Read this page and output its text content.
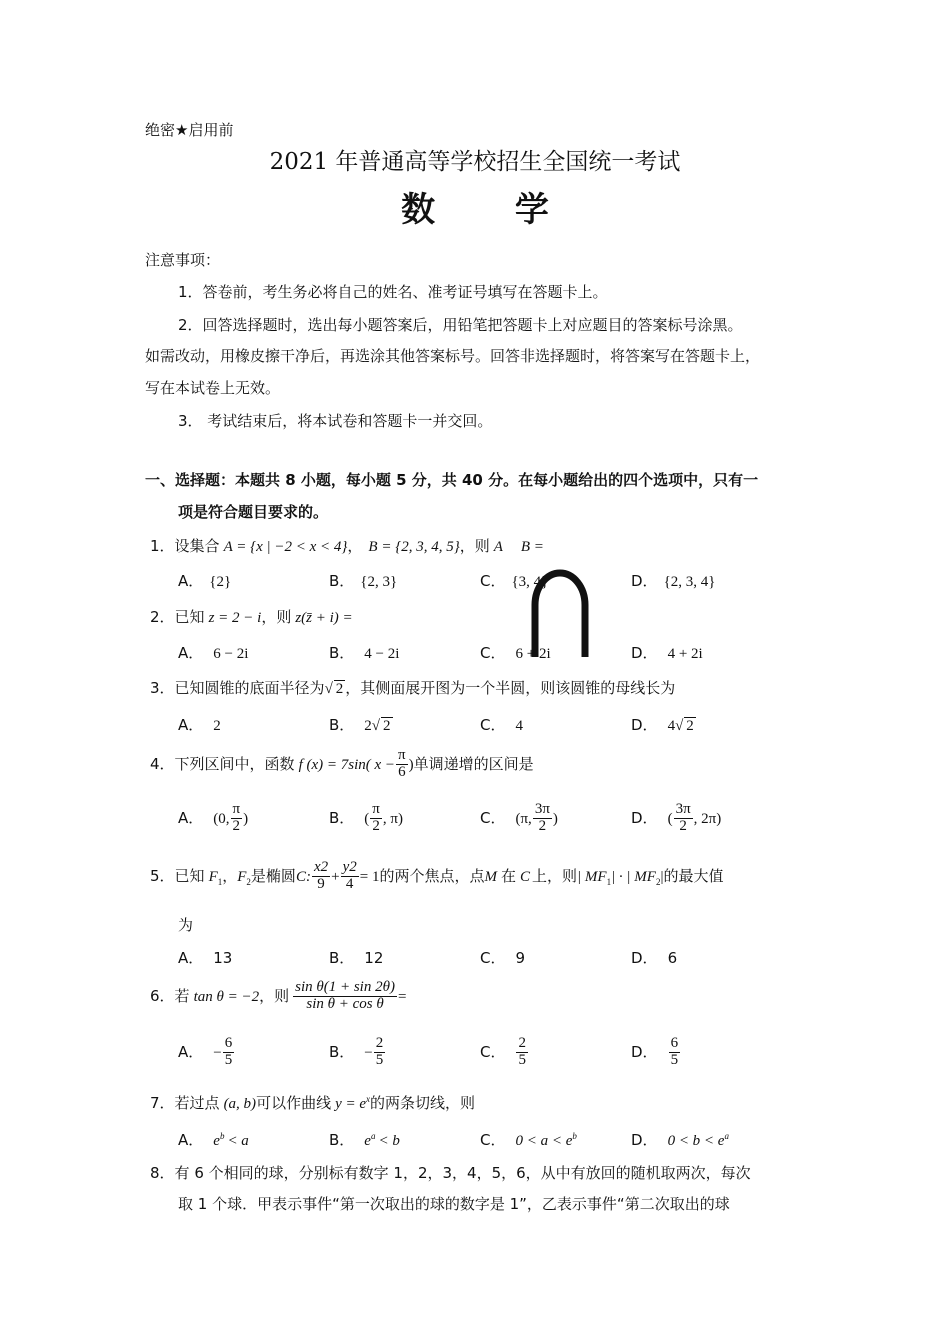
绝密★启用前
2021 年普通高等学校招生全国统一考试
数 学
注意事项：
1．答卷前，考生务必将自己的姓名、准考证号填写在答题卡上。
2．回答选择题时，选出每小题答案后，用铅笔把答题卡上对应题目的答案标号涂黑。
如需改动，用橡皮擦干净后，再选涂其他答案标号。回答非选择题时，将答案写在答题卡上，
写在本试卷上无效。
3． 考试结束后，将本试卷和答题卡一并交回。
一、选择题：本题共 8 小题，每小题 5 分，共 40 分。在每小题给出的四个选项中，只有一
项是符合题目要求的。
1．设集合 A = {x | −2 < x < 4}， B = {2, 3, 4, 5}，则 A B =
A． {2}	B． {2, 3}	C． {3, 4}	D． {2, 3, 4}
2．已知 z = 2 − i，则 z(z̄ + i) =
A． 6 − 2i	B． 4 − 2i	C． 6 + 2i	D． 4 + 2i
3．已知圆锥的底面半径为√ 2 ，其侧面展开图为一个半圆，则该圆锥的母线长为
A． 2	B． 2√ 2	C． 4	D． 4√ 2
4．下列区间中，函数 f (x) = 7sin( $x - \frac{\pi}{6}$ )单调递增的区间是
A． (0, $\frac{\pi}{2}$ )	B． ( $\frac{\pi}{2}$ , π)	C． (π, $\frac{3\pi}{2}$ )	D． ( $\frac{3\pi}{2}$ , 2π)
5．已知 $F_1$，$F_2$是椭圆C: $\frac{x2}{9} + \frac{y2}{4} = 1$的两个焦点，点M 在 C 上，则| $MF_1|$ · | $MF_2|$的最大值
为
A． 13	B． 12	C． 9	D． 6
6．若 tan θ = −2，则 $\frac{\text{sin θ(1 + sin 2θ)}}{\text{sin θ + cos θ}}$ =
A． − $\frac{6}{5}$	B． − $\frac{2}{5}$	C． $\frac{2}{5}$	D． $\frac{6}{5}$
7．若过点 (a, b)可以作曲线 $y = e^x$的两条切线，则
A． $e^b < a$	B． $e^a < b$	C． $0 < a < e^b$	D． $0 < b < e^a$
8．有 6 个相同的球，分别标有数字 1，2，3，4，5，6，从中有放回的随机取两次，每次
取 1 个球．甲表示事件“第一次取出的球的数字是 1”，乙表示事件“第二次取出的球
